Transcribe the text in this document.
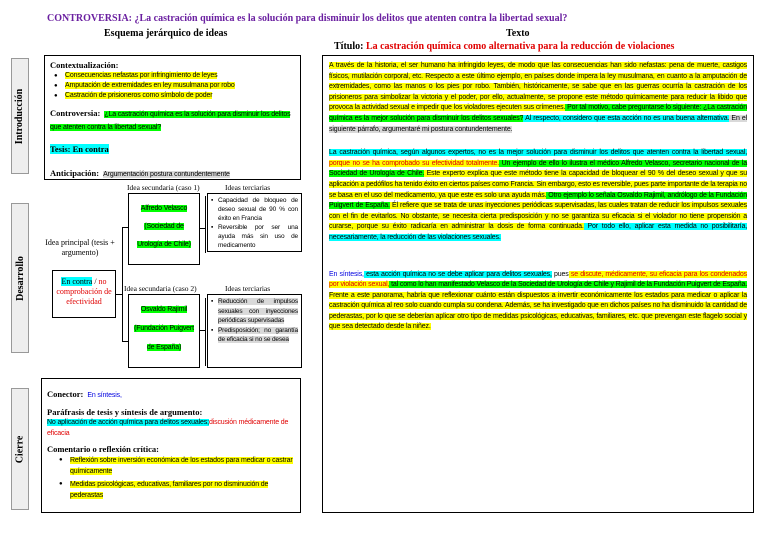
CONTROVERSIA: ¿La castración química es la solución para disminuir los delitos que atenten contra la libertad sexual?
Esquema jerárquico de ideas	Texto
Título: La castración química como alternativa para la reducción de violaciones
Introducción
Desarrollo
Cierre
Contextualización:
● Consecuencias nefastas por infringimiento de leyes
● Amputación de extremidades en ley musulmana por robo
● Castración de prisioneros como símbolo de poder
Controversia: ¿La castración química es la solución para disminuir los delitos que atenten contra la libertad sexual?
Tesis: En contra
Anticipación: Argumentación postura contundentemente
Idea principal (tesis + argumento)
En contra / no comprobación de efectividad
Idea secundaria (caso 1)
Alfredo Velasco (Sociedad de Urología de Chile)
Ideas terciarias
▪ Capacidad de bloqueo de deseo sexual de 90 % con éxito en Francia
▪ Reversible por ser una ayuda más sin uso de medicamento
Idea secundaria (caso 2)
Osvaldo Rajimil (Fundación Puigvert de España)
Ideas terciarias
▪ Reducción de impulsos sexuales con inyecciones periódicas supervisadas
▪ Predisposición; no garantía de eficacia si no se desea
Conector: En síntesis,
Paráfrasis de tesis y síntesis de argumento:
No aplicación de acción química para delitos sexuales;discusión médicamente de eficacia
Comentario o reflexión crítica:
● Reflexión sobre inversión económica de los estados para medicar o castrar químicamente
● Medidas psicológicas, educativas, familiares por no disminución de pederastas

A través de la historia, el ser humano ha infringido leyes, de modo que las consecuencias han sido nefastas: pena de muerte, castigos físicos, mutilación corporal, etc. Respecto a este último ejemplo, en países donde impera la ley musulmana, en cuanto a la amputación de extremidades, como las manos o los pies por robo. También, históricamente, se sabe que en las guerras ocurría la castración de los prisioneros para simbolizar la victoria y el poder, por ello, actualmente, se propone este método químicamente para reducir la libido que provoca la actividad sexual e impedir que los violadores ejecuten sus crímenes. Por tal motivo, cabe preguntarse lo siguiente: ¿La castración química es la mejor solución para disminuir los delitos sexuales? Al respecto, considero que esta acción no es una buena alternativa. En el siguiente párrafo, argumentaré mi postura contundentemente.

La castración química, según algunos expertos, no es la mejor solución para disminuir los delitos que atenten contra la libertad sexual, porque no se ha comprobado su efectividad totalmente. Un ejemplo de ello lo ilustra el médico Alfredo Velasco, secretario nacional de la Sociedad de Urología de Chile. Este experto explica que este método tiene la capacidad de bloquear el 90 % del deseo sexual y que su aplicación a pedófilos ha tenido éxito en ciertos países como Francia. Sin embargo, esto es reversible, pues parte importante de la terapia no se basa en el uso del medicamento, ya que este es solo una ayuda más. Otro ejemplo lo señala Osvaldo Rajimil, andrólogo de la Fundación Puigvert de España. Él refiere que se trata de unas inyecciones periódicas supervisadas, las cuales tratan de reducir los impulsos sexuales con el fin de evitarlos. No obstante, se necesita cierta predisposición y no se garantiza su eficacia si el violador no tiene propensión a curarse, porque su éxito radicaría en administrar la dosis de forma continuada. Por todo ello, aplicar esta medida no posibilitaría, necesariamente, la reducción de las violaciones sexuales.

En síntesis, esta acción química no se debe aplicar para delitos sexuales, pues se discute, médicamente, su eficacia para los condenados por violación sexual, tal como lo han manifestado Velasco de la Sociedad de Urología de Chile y Rajimil de la Fundación Puigvert de España. Frente a este panorama, habría que reflexionar cuánto están dispuestos a invertir económicamente los estados para medicar o aplicar la castración química al reo solo cuando cumpla su condena. Además, se ha investigado que en dichos países no ha disminuido la cantidad de pederastas, por lo que se deberían aplicar otro tipo de medidas psicológicas, educativas, familiares, etc. que prevengan este flagelo social y que sea detectado desde la niñez.
